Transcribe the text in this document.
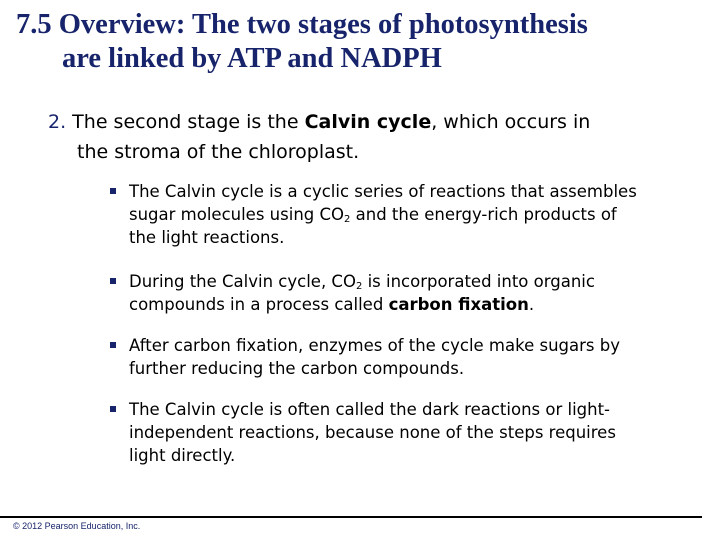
7.5 Overview: The two stages of photosynthesis
are linked by ATP and NADPH

2. The second stage is the Calvin cycle, which occurs in
the stroma of the chloroplast.

The Calvin cycle is a cyclic series of reactions that assembles
sugar molecules using $CO_2$ and the energy-rich products of
the light reactions.
During the Calvin cycle, $CO_2$ is incorporated into organic
compounds in a process called carbon fixation.
After carbon fixation, enzymes of the cycle make sugars by
further reducing the carbon compounds.
The Calvin cycle is often called the dark reactions or light-
independent reactions, because none of the steps requires
light directly.
© 2012 Pearson Education, Inc.
